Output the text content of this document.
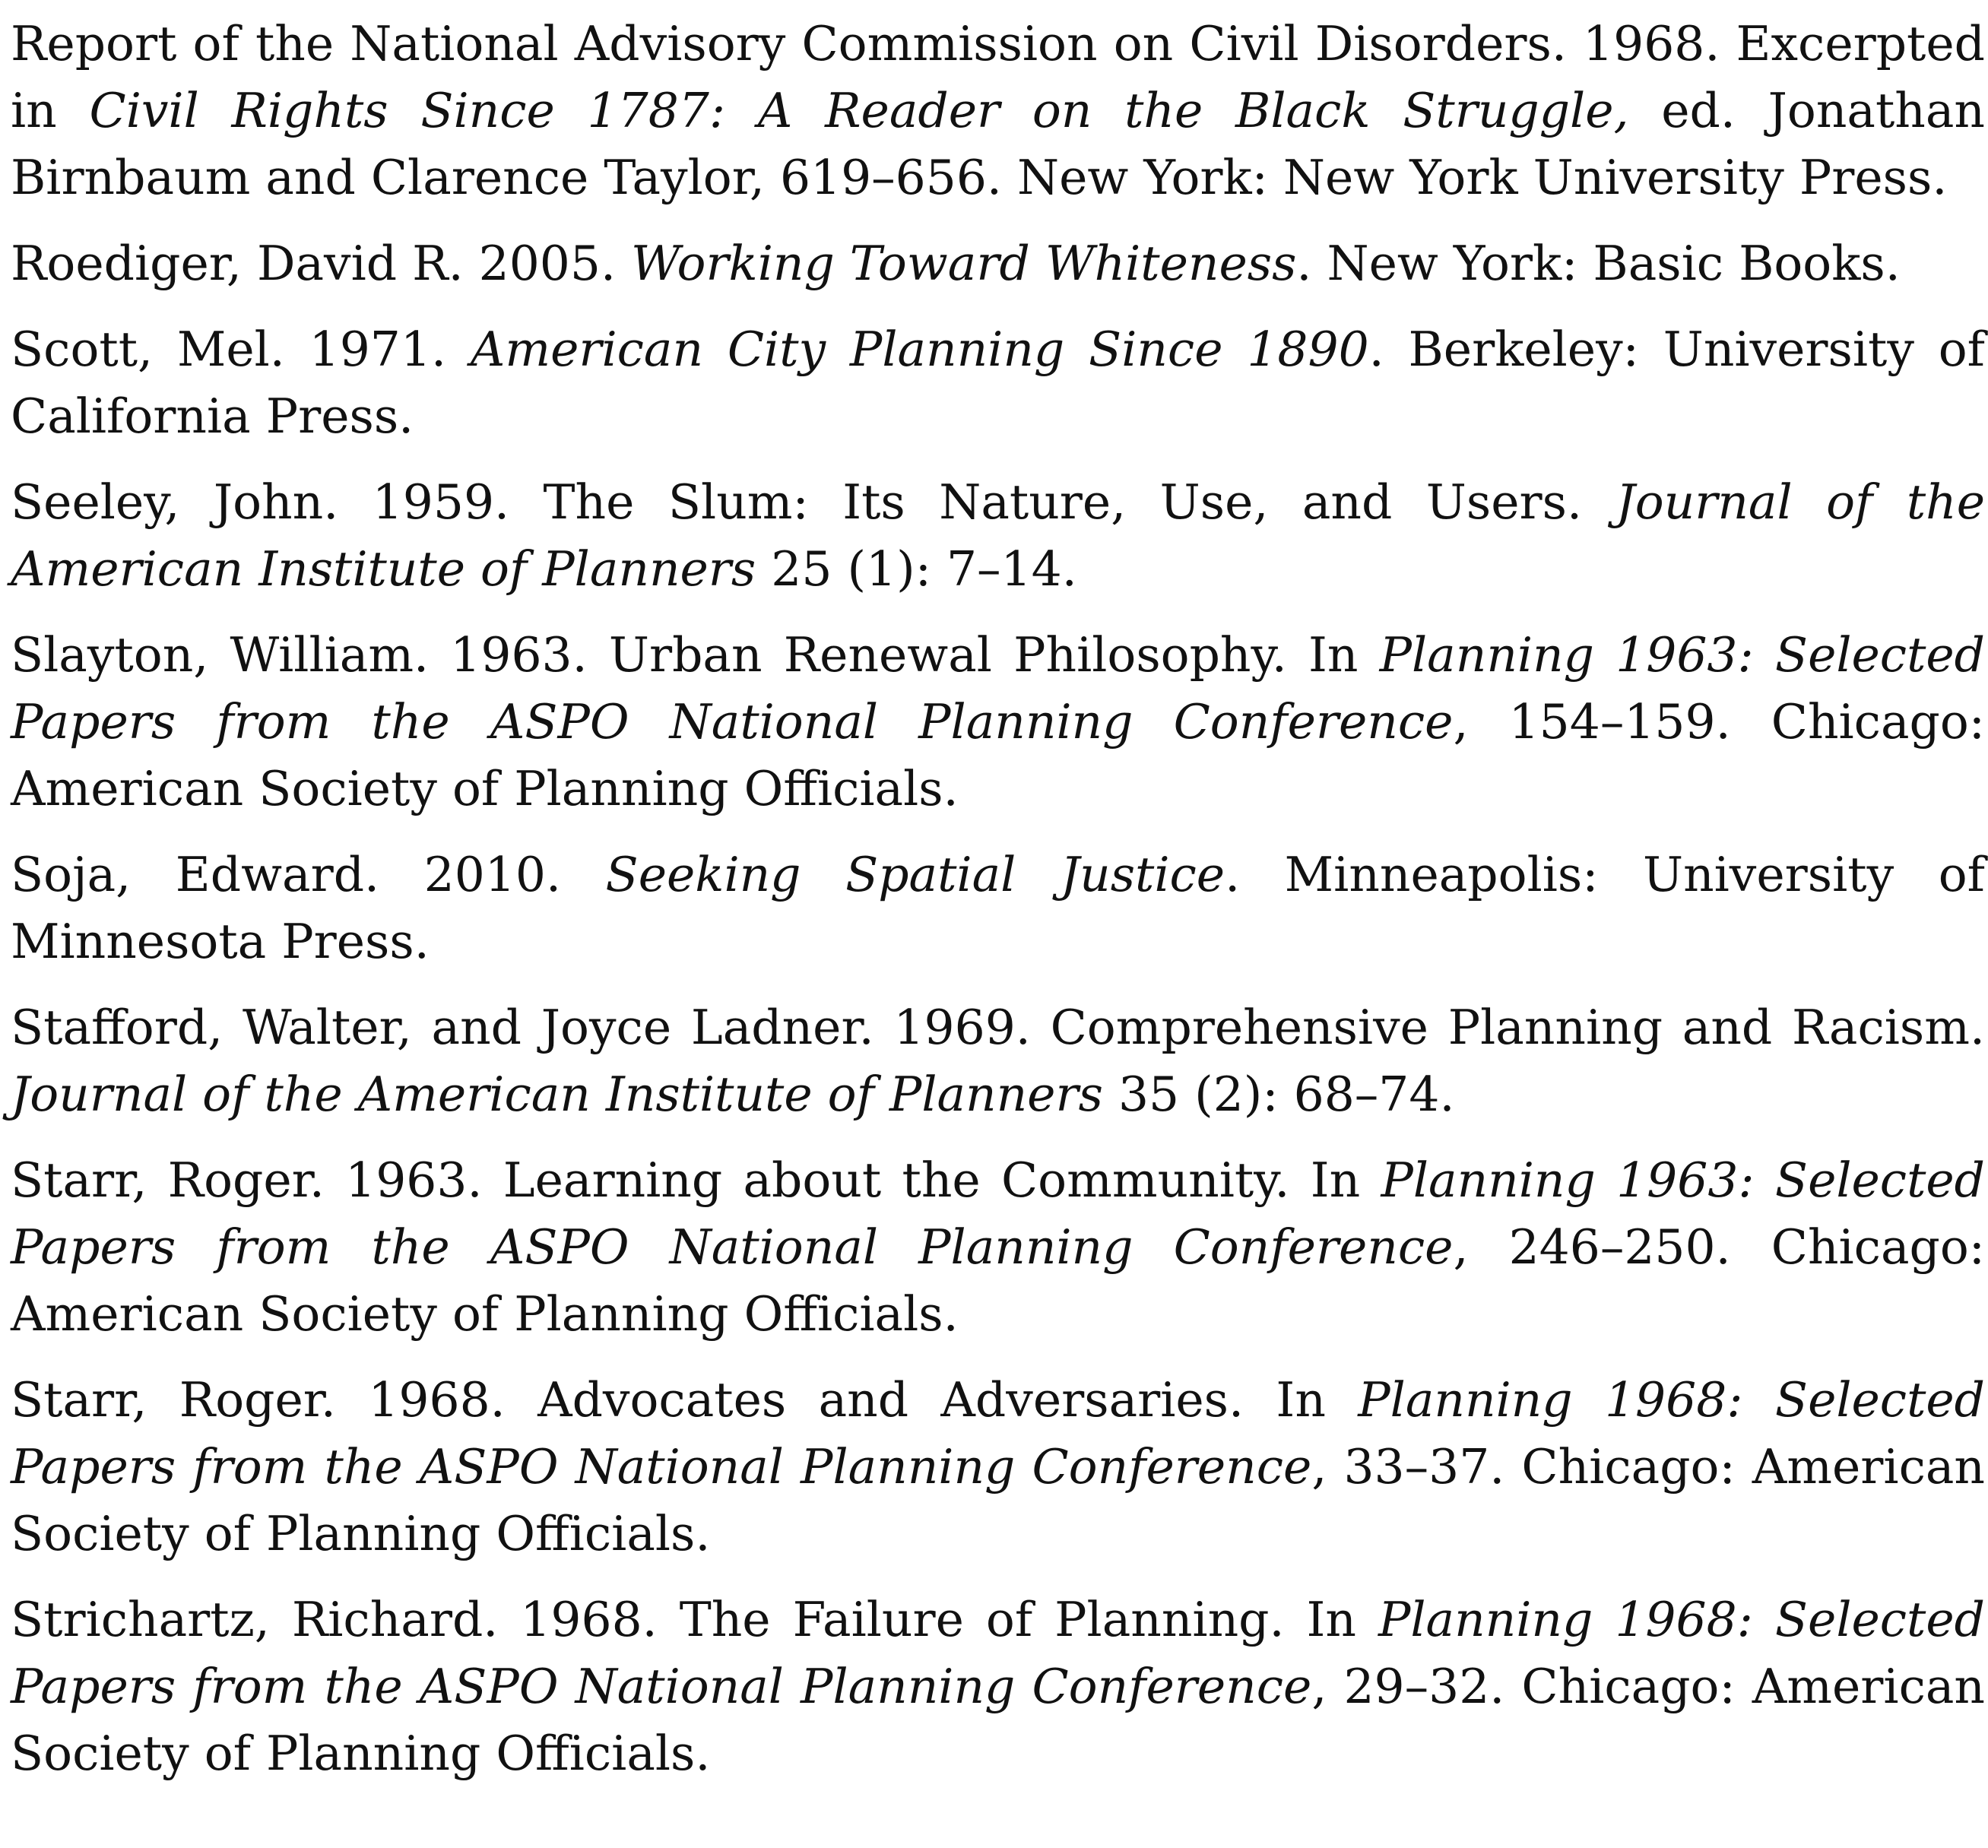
Report of the National Advisory Commission on Civil Disorders. 1968. Excerpted in Civil Rights Since 1787: A Reader on the Black Struggle, ed. Jonathan Birnbaum and Clarence Taylor, 619–656. New York: New York University Press.

Roediger, David R. 2005. Working Toward Whiteness. New York: Basic Books.

Scott, Mel. 1971. American City Planning Since 1890. Berkeley: University of California Press.

Seeley, John. 1959. The Slum: Its Nature, Use, and Users. Journal of the American Institute of Planners 25 (1): 7–14.

Slayton, William. 1963. Urban Renewal Philosophy. In Planning 1963: Selected Papers from the ASPO National Planning Conference, 154–159. Chicago: American Society of Planning Officials.

Soja, Edward. 2010. Seeking Spatial Justice. Minneapolis: University of Minnesota Press.

Stafford, Walter, and Joyce Ladner. 1969. Comprehensive Planning and Racism. Journal of the American Institute of Planners 35 (2): 68–74.

Starr, Roger. 1963. Learning about the Community. In Planning 1963: Selected Papers from the ASPO National Planning Conference, 246–250. Chicago: American Society of Planning Officials.

Starr, Roger. 1968. Advocates and Adversaries. In Planning 1968: Selected Papers from the ASPO National Planning Conference, 33–37. Chicago: American Society of Planning Officials.

Strichartz, Richard. 1968. The Failure of Planning. In Planning 1968: Selected Papers from the ASPO National Planning Conference, 29–32. Chicago: American Society of Planning Officials.
